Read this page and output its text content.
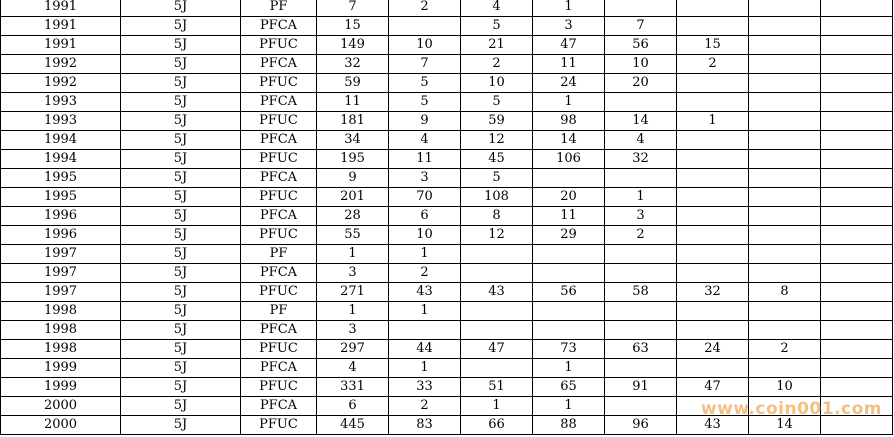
1991	5J	PF	7	2	4	1				
1991	5J	PFCA	15		5	3	7			
1991	5J	PFUC	149	10	21	47	56	15		
1992	5J	PFCA	32	7	2	11	10	2		
1992	5J	PFUC	59	5	10	24	20			
1993	5J	PFCA	11	5	5	1				
1993	5J	PFUC	181	9	59	98	14	1		
1994	5J	PFCA	34	4	12	14	4			
1994	5J	PFUC	195	11	45	106	32			
1995	5J	PFCA	9	3	5					
1995	5J	PFUC	201	70	108	20	1			
1996	5J	PFCA	28	6	8	11	3			
1996	5J	PFUC	55	10	12	29	2			
1997	5J	PF	1	1						
1997	5J	PFCA	3	2						
1997	5J	PFUC	271	43	43	56	58	32	8	
1998	5J	PF	1	1						
1998	5J	PFCA	3							
1998	5J	PFUC	297	44	47	73	63	24	2	
1999	5J	PFCA	4	1		1				
1999	5J	PFUC	331	33	51	65	91	47	10	
2000	5J	PFCA	6	2	1	1				
2000	5J	PFUC	445	83	66	88	96	43	14	
www.coin001.com
